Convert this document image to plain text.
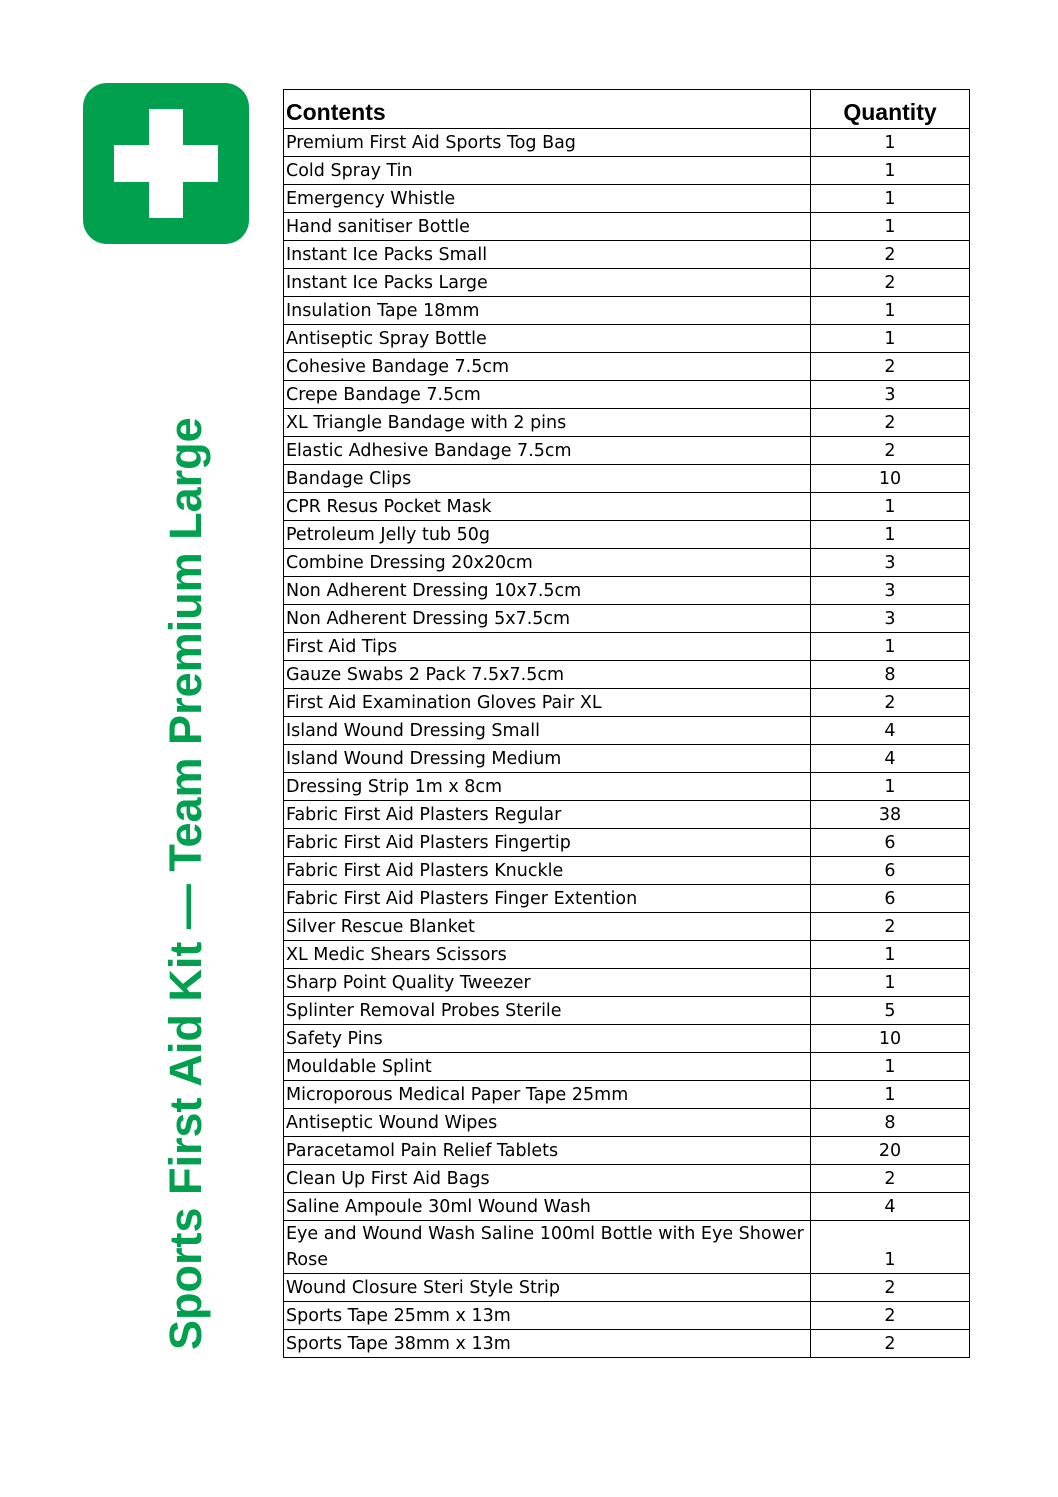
Sports First Aid Kit — Team Premium Large
Contents	Quantity
Premium First Aid Sports Tog Bag	1
Cold Spray Tin	1
Emergency Whistle	1
Hand sanitiser Bottle	1
Instant Ice Packs Small	2
Instant Ice Packs Large	2
Insulation Tape 18mm	1
Antiseptic Spray Bottle	1
Cohesive Bandage 7.5cm	2
Crepe Bandage 7.5cm	3
XL Triangle Bandage with 2 pins	2
Elastic Adhesive Bandage 7.5cm	2
Bandage Clips	10
CPR Resus Pocket Mask	1
Petroleum Jelly tub 50g	1
Combine Dressing 20x20cm	3
Non Adherent Dressing 10x7.5cm	3
Non Adherent Dressing 5x7.5cm	3
First Aid Tips	1
Gauze Swabs 2 Pack 7.5x7.5cm	8
First Aid Examination Gloves Pair XL	2
Island Wound Dressing Small	4
Island Wound Dressing Medium	4
Dressing Strip 1m x 8cm	1
Fabric First Aid Plasters Regular	38
Fabric First Aid Plasters Fingertip	6
Fabric First Aid Plasters Knuckle	6
Fabric First Aid Plasters Finger Extention	6
Silver Rescue Blanket	2
XL Medic Shears Scissors	1
Sharp Point Quality Tweezer	1
Splinter Removal Probes Sterile	5
Safety Pins	10
Mouldable Splint	1
Microporous Medical Paper Tape 25mm	1
Antiseptic Wound Wipes	8
Paracetamol Pain Relief Tablets	20
Clean Up First Aid Bags	2
Saline Ampoule 30ml Wound Wash	4
Eye and Wound Wash Saline 100ml Bottle with Eye Shower Rose	1
Wound Closure Steri Style Strip	2
Sports Tape 25mm x 13m	2
Sports Tape 38mm x 13m	2
